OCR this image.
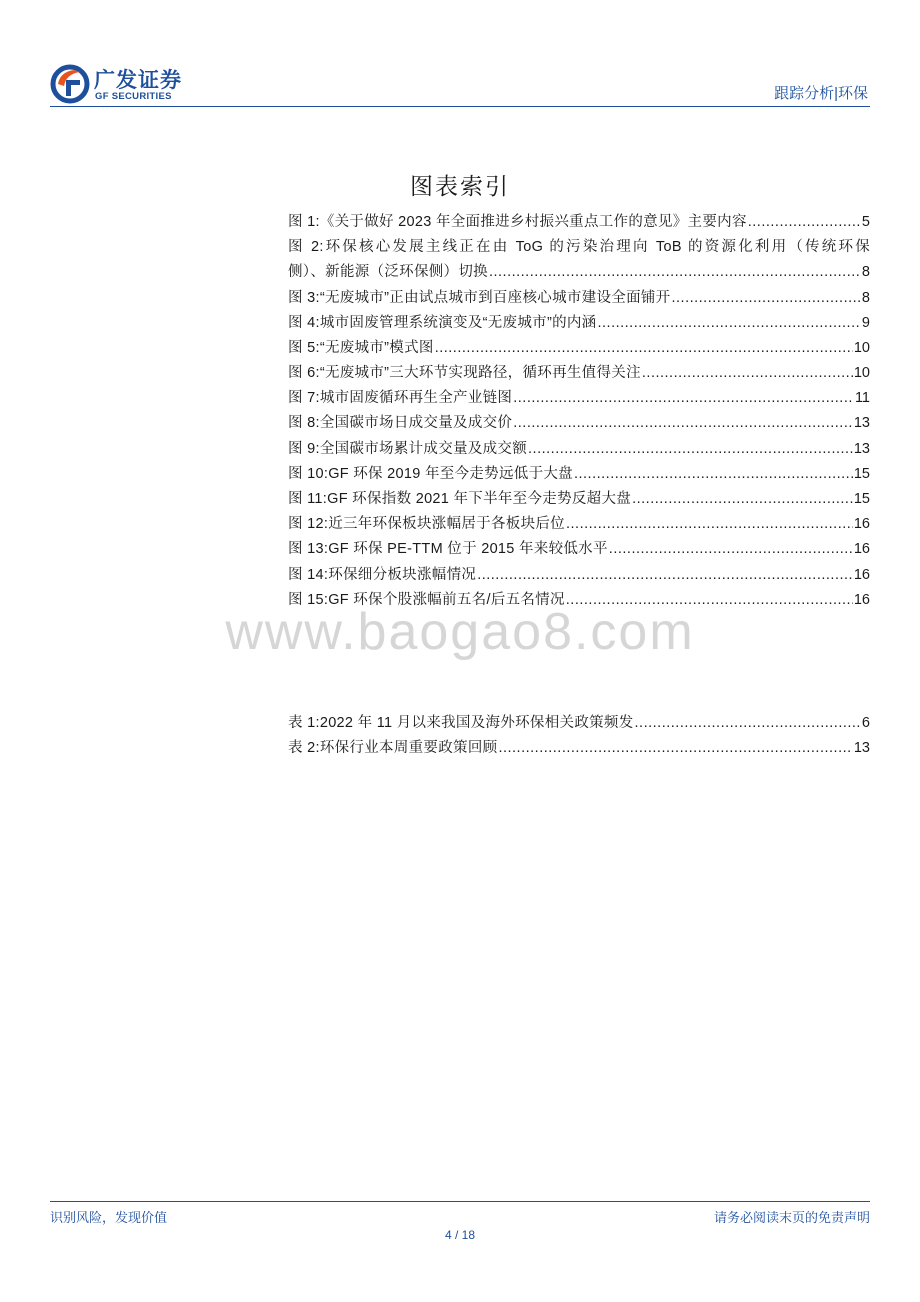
广发证券
GF SECURITIES	跟踪分析|环保
图表索引
图 1:《关于做好 2023 年全面推进乡村振兴重点工作的意见》主要内容 .....	5
图 2:环保核心发展主线正在由 ToG 的污染治理向 ToB 的资源化利用（传统环保
侧）、新能源（泛环保侧）切换 .....	8
图 3:“无废城市”正由试点城市到百座核心城市建设全面铺开 .....	8
图 4:城市固废管理系统演变及“无废城市”的内涵 .....	9
图 5:“无废城市”模式图 .....	10
图 6:“无废城市”三大环节实现路径，循环再生值得关注 .....	10
图 7:城市固废循环再生全产业链图 .....	11
图 8:全国碳市场日成交量及成交价 .....	13
图 9:全国碳市场累计成交量及成交额 .....	13
图 10:GF 环保 2019 年至今走势远低于大盘 .....	15
图 11:GF 环保指数 2021 年下半年至今走势反超大盘 .....	15
图 12:近三年环保板块涨幅居于各板块后位 .....	16
图 13:GF 环保 PE-TTM 位于 2015 年来较低水平 .....	16
图 14:环保细分板块涨幅情况 .....	16
图 15:GF 环保个股涨幅前五名/后五名情况 .....	16
www.baogao8.com
表 1:2022 年 11 月以来我国及海外环保相关政策频发 .....	6
表 2:环保行业本周重要政策回顾 .....	13
识别风险，发现价值	请务必阅读末页的免责声明
4 / 18
